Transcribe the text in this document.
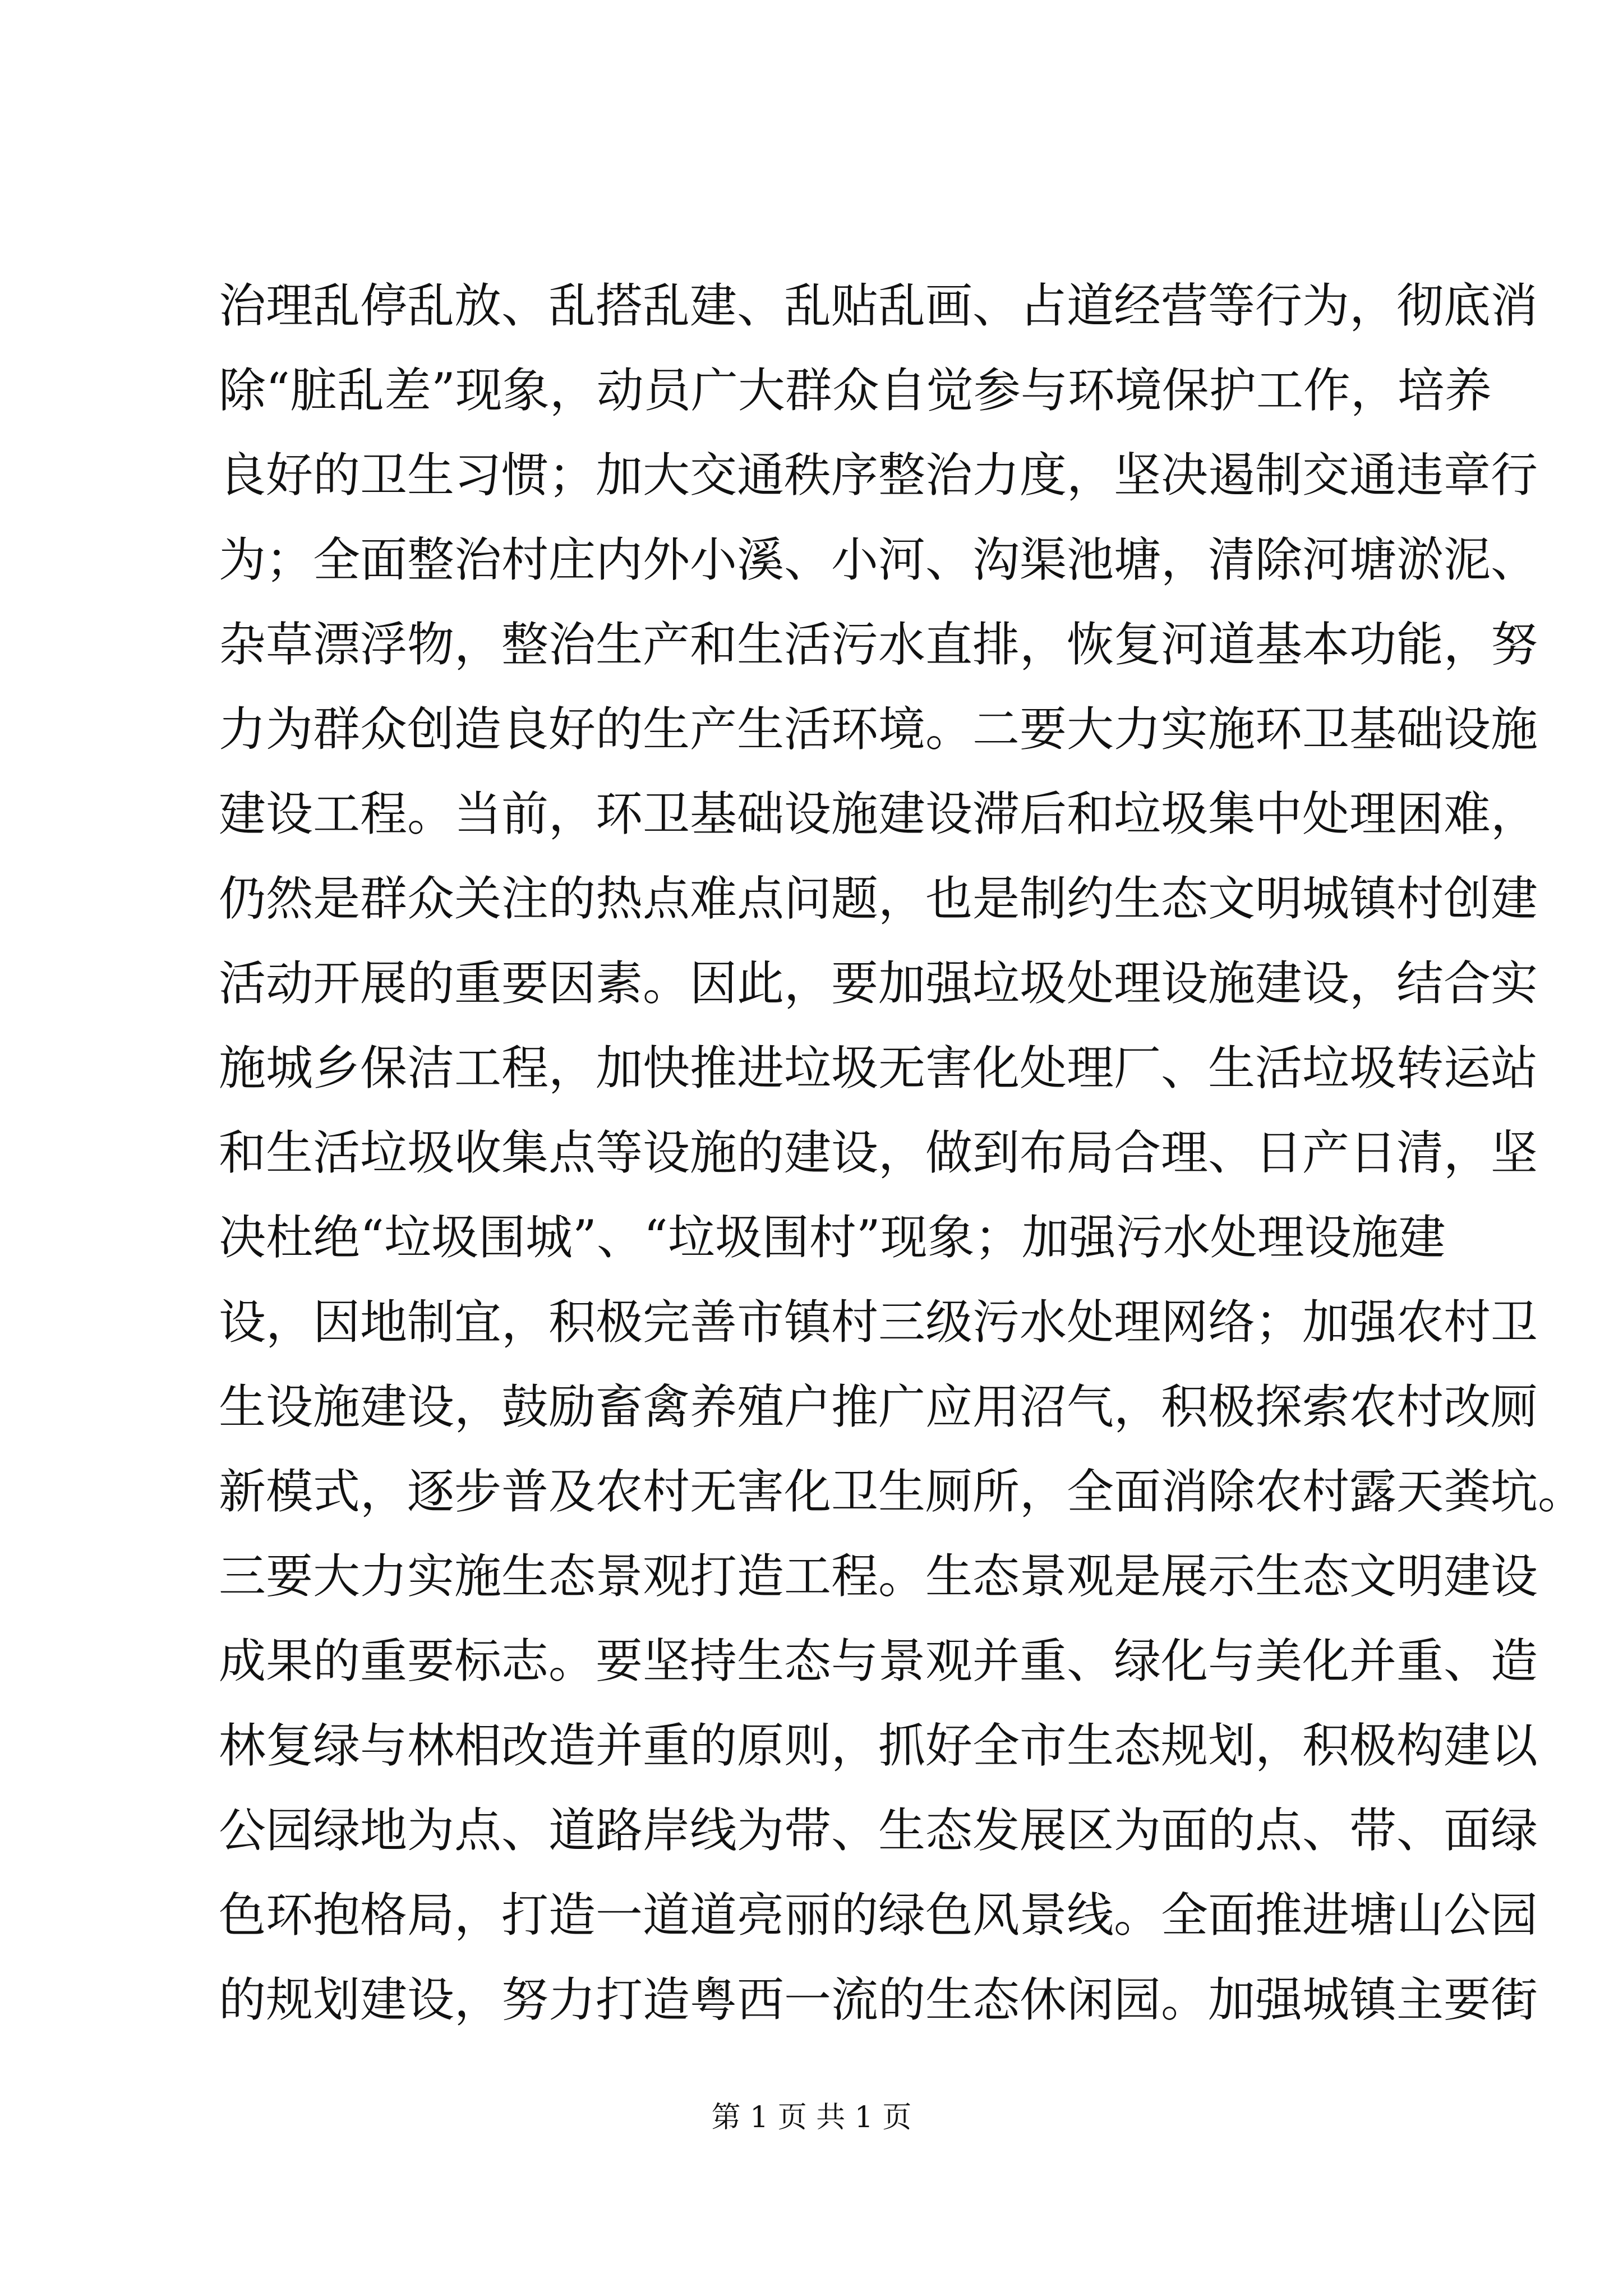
治理乱停乱放、乱搭乱建、乱贴乱画、占道经营等行为，彻底消
除“脏乱差”现象，动员广大群众自觉参与环境保护工作，培养
良好的卫生习惯；加大交通秩序整治力度，坚决遏制交通违章行
为；全面整治村庄内外小溪、小河、沟渠池塘，清除河塘淤泥、
杂草漂浮物，整治生产和生活污水直排，恢复河道基本功能，努
力为群众创造良好的生产生活环境。二要大力实施环卫基础设施
建设工程。当前，环卫基础设施建设滞后和垃圾集中处理困难，
仍然是群众关注的热点难点问题，也是制约生态文明城镇村创建
活动开展的重要因素。因此，要加强垃圾处理设施建设，结合实
施城乡保洁工程，加快推进垃圾无害化处理厂、生活垃圾转运站
和生活垃圾收集点等设施的建设，做到布局合理、日产日清，坚
决杜绝“垃圾围城”、“垃圾围村”现象；加强污水处理设施建
设，因地制宜，积极完善市镇村三级污水处理网络；加强农村卫
生设施建设，鼓励畜禽养殖户推广应用沼气，积极探索农村改厕
新模式，逐步普及农村无害化卫生厕所，全面消除农村露天粪坑。
三要大力实施生态景观打造工程。生态景观是展示生态文明建设
成果的重要标志。要坚持生态与景观并重、绿化与美化并重、造
林复绿与林相改造并重的原则，抓好全市生态规划，积极构建以
公园绿地为点、道路岸线为带、生态发展区为面的点、带、面绿
色环抱格局，打造一道道亮丽的绿色风景线。全面推进塘山公园
的规划建设，努力打造粤西一流的生态休闲园。加强城镇主要街
第 1 页 共 1 页
